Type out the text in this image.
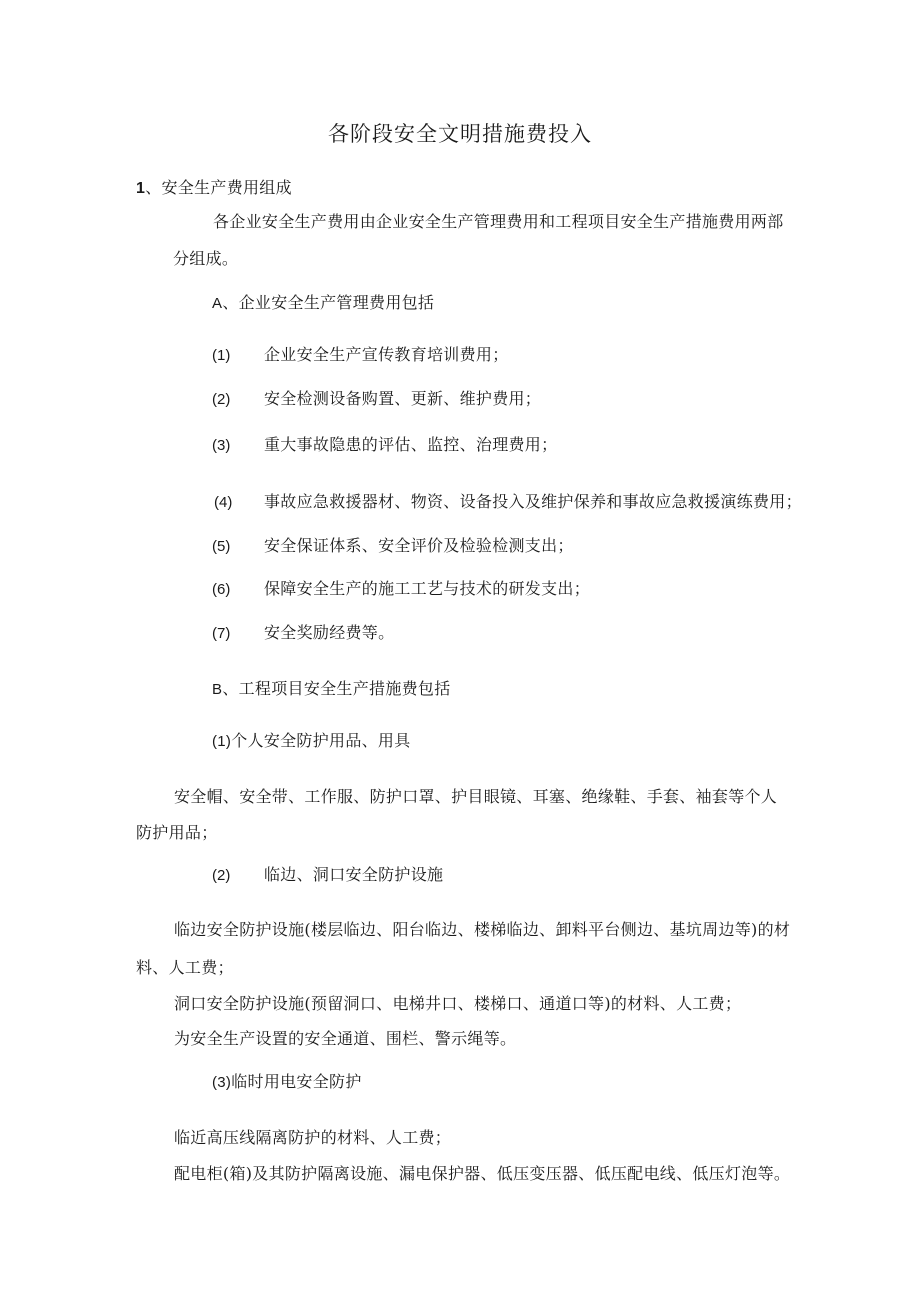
各阶段安全文明措施费投入
1、安全生产费用组成
各企业安全生产费用由企业安全生产管理费用和工程项目安全生产措施费用两部
分组成。
A、企业安全生产管理费用包括
(1) 企业安全生产宣传教育培训费用；
(2) 安全检测设备购置、更新、维护费用；
(3) 重大事故隐患的评估、监控、治理费用；
(4) 事故应急救援器材、物资、设备投入及维护保养和事故应急救援演练费用；
(5) 安全保证体系、安全评价及检验检测支出；
(6) 保障安全生产的施工工艺与技术的研发支出；
(7) 安全奖励经费等。
B、工程项目安全生产措施费包括
(1)个人安全防护用品、用具
安全帽、安全带、工作服、防护口罩、护目眼镜、耳塞、绝缘鞋、手套、袖套等个人
防护用品；
(2) 临边、洞口安全防护设施
临边安全防护设施(楼层临边、阳台临边、楼梯临边、卸料平台侧边、基坑周边等)的材
料、人工费；
洞口安全防护设施(预留洞口、电梯井口、楼梯口、通道口等)的材料、人工费；
为安全生产设置的安全通道、围栏、警示绳等。
(3)临时用电安全防护
临近高压线隔离防护的材料、人工费；
配电柜(箱)及其防护隔离设施、漏电保护器、低压变压器、低压配电线、低压灯泡等。
